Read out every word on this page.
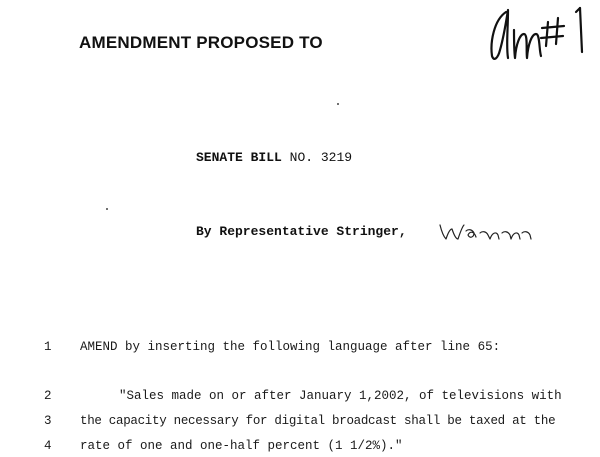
AMENDMENT PROPOSED TO
SENATE BILL NO. 3219
By Representative Stringer,
1 AMEND by inserting the following language after line 65:
2	"Sales made on or after January 1,2002, of televisions with
3 the capacity necessary for digital broadcast shall be taxed at the
4 rate of one and one-half percent (1 1/2%)."
